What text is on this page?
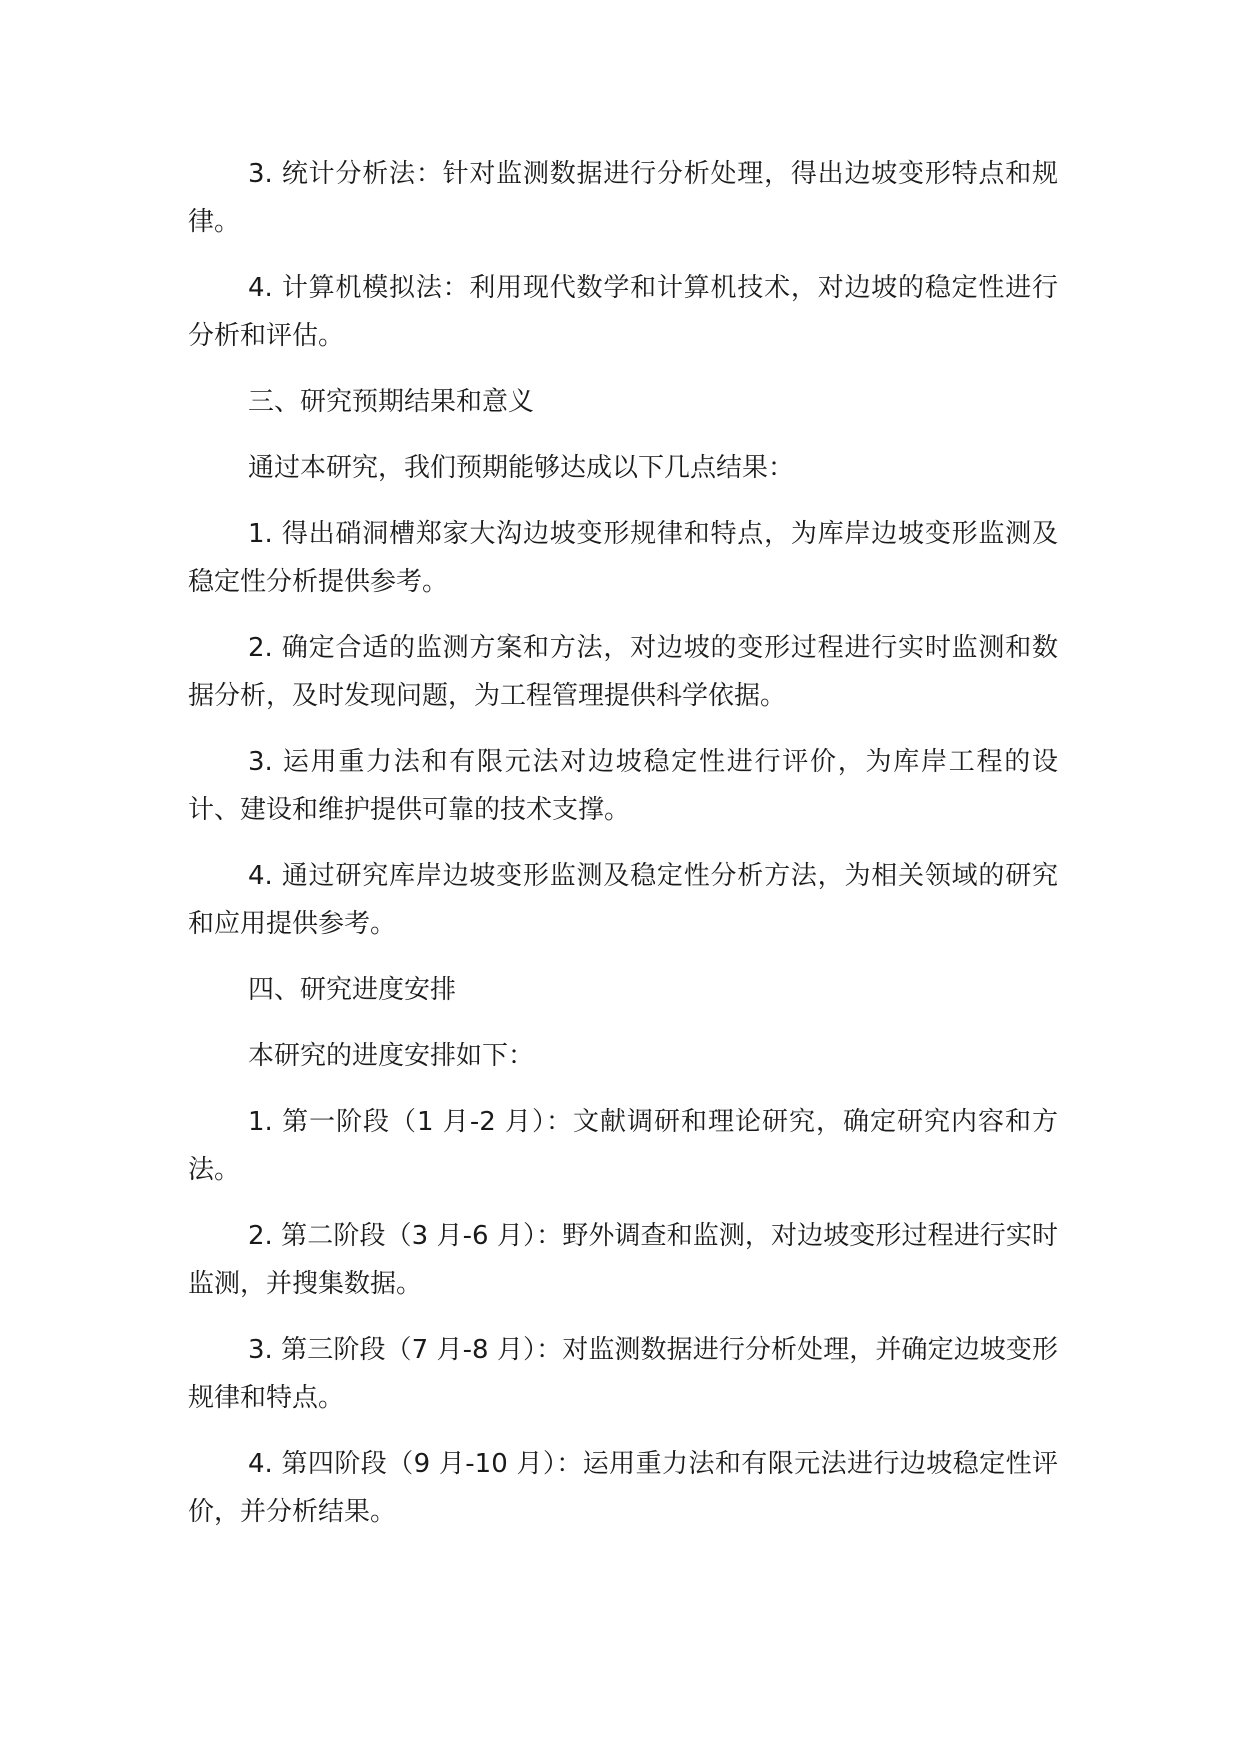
3. 统计分析法：针对监测数据进行分析处理，得出边坡变形特点和规律。

4. 计算机模拟法：利用现代数学和计算机技术，对边坡的稳定性进行分析和评估。

三、研究预期结果和意义

通过本研究，我们预期能够达成以下几点结果：

1. 得出硝洞槽郑家大沟边坡变形规律和特点，为库岸边坡变形监测及稳定性分析提供参考。

2. 确定合适的监测方案和方法，对边坡的变形过程进行实时监测和数据分析，及时发现问题，为工程管理提供科学依据。

3. 运用重力法和有限元法对边坡稳定性进行评价，为库岸工程的设计、建设和维护提供可靠的技术支撑。

4. 通过研究库岸边坡变形监测及稳定性分析方法，为相关领域的研究和应用提供参考。

四、研究进度安排

本研究的进度安排如下：

1. 第一阶段（1 月-2 月）：文献调研和理论研究，确定研究内容和方法。

2. 第二阶段（3 月-6 月）：野外调查和监测，对边坡变形过程进行实时监测，并搜集数据。

3. 第三阶段（7 月-8 月）：对监测数据进行分析处理，并确定边坡变形规律和特点。

4. 第四阶段（9 月-10 月）：运用重力法和有限元法进行边坡稳定性评价，并分析结果。
